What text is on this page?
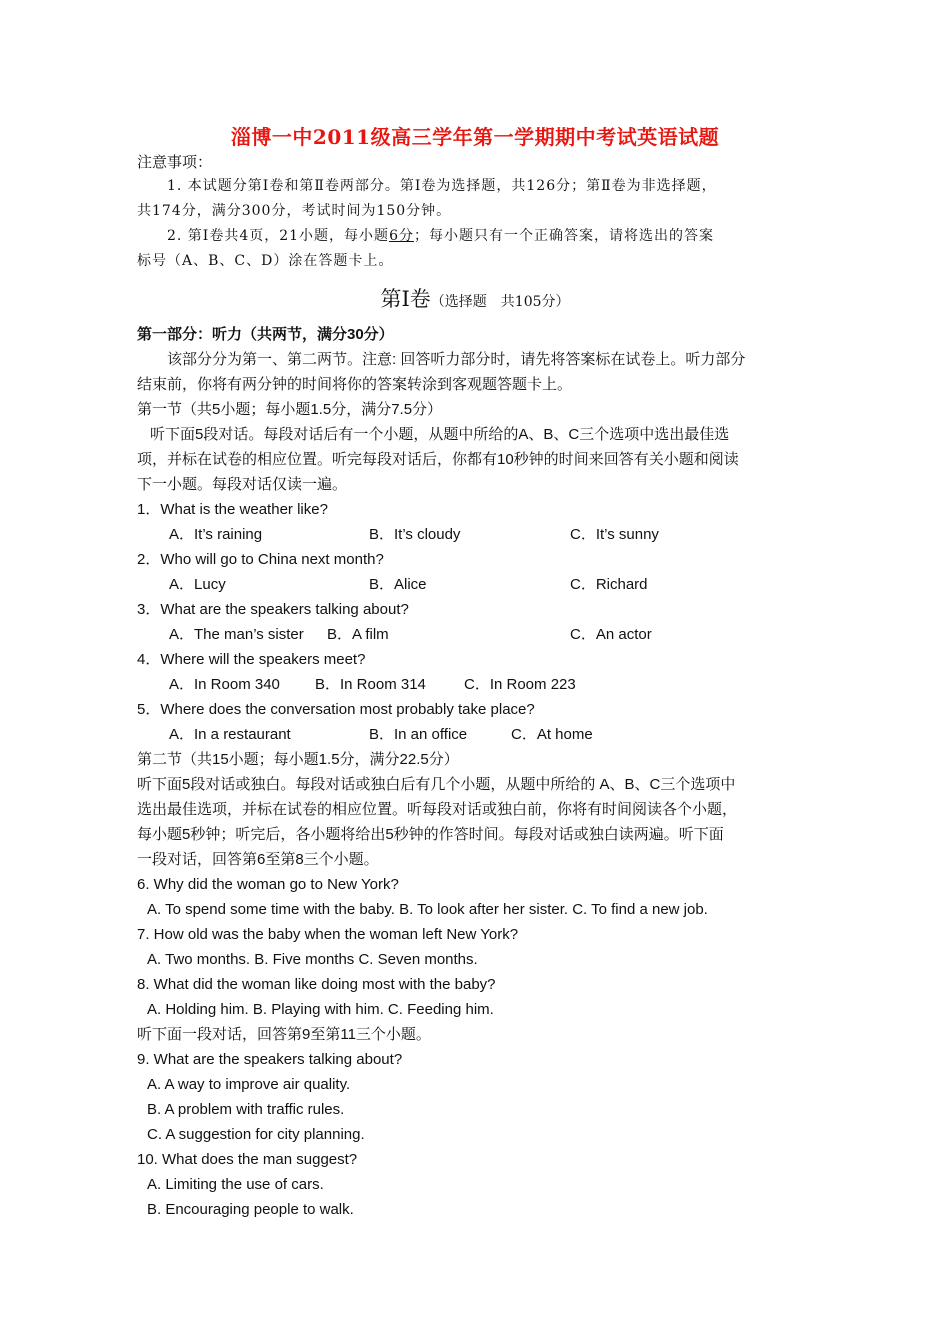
淄博一中2011级高三学年第一学期期中考试英语试题
注意事项：
1. 本试题分第Ⅰ卷和第Ⅱ卷两部分。第Ⅰ卷为选择题，共126分；第Ⅱ卷为非选择题，
共174分，满分300分，考试时间为150分钟。
2. 第Ⅰ卷共4页，21小题，每小题6分；每小题只有一个正确答案，请将选出的答案
标号（A、B、C、D）涂在答题卡上。
第Ⅰ卷（选择题　共105分）
第一部分：听力（共两节，满分30分）
该部分分为第一、第二两节。注意: 回答听力部分时，请先将答案标在试卷上。听力部分
结束前，你将有两分钟的时间将你的答案转涂到客观题答题卡上。
第一节（共5小题；每小题1.5分，满分7.5分）
听下面5段对话。每段对话后有一个小题，从题中所给的A、B、C三个选项中选出最佳选
项，并标在试卷的相应位置。听完每段对话后，你都有10秒钟的时间来回答有关小题和阅读
下一小题。每段对话仅读一遍。
1．What is the weather like?
A．It’s raining	B．It’s cloudy	C．It’s sunny
2．Who will go to China next month?
A．Lucy	B．Alice	C．Richard
3．What are the speakers talking about?
A．The man’s sister B．A film	C．An actor
4．Where will the speakers meet?
A．In Room 340 B．In Room 314	C．In Room 223
5．Where does the conversation most probably take place?
A．In a restaurant	B．In an office	C．At home
第二节（共15小题；每小题1.5分，满分22.5分）
听下面5段对话或独白。每段对话或独白后有几个小题，从题中所给的 A、B、C三个选项中
选出最佳选项，并标在试卷的相应位置。听每段对话或独白前，你将有时间阅读各个小题，
每小题5秒钟；听完后，各小题将给出5秒钟的作答时间。每段对话或独白读两遍。听下面
一段对话，回答第6至第8三个小题。
6. Why did the woman go to New York?
A. To spend some time with the baby. B. To look after her sister. C. To find a new job.
7. How old was the baby when the woman left New York?
A. Two months. B. Five months C. Seven months.
8. What did the woman like doing most with the baby?
A. Holding him. B. Playing with him. C. Feeding him.
听下面一段对话，回答第9至第11三个小题。
9. What are the speakers talking about?
A. A way to improve air quality.
B. A problem with traffic rules.
C. A suggestion for city planning.
10. What does the man suggest?
A. Limiting the use of cars.
B. Encouraging people to walk.
